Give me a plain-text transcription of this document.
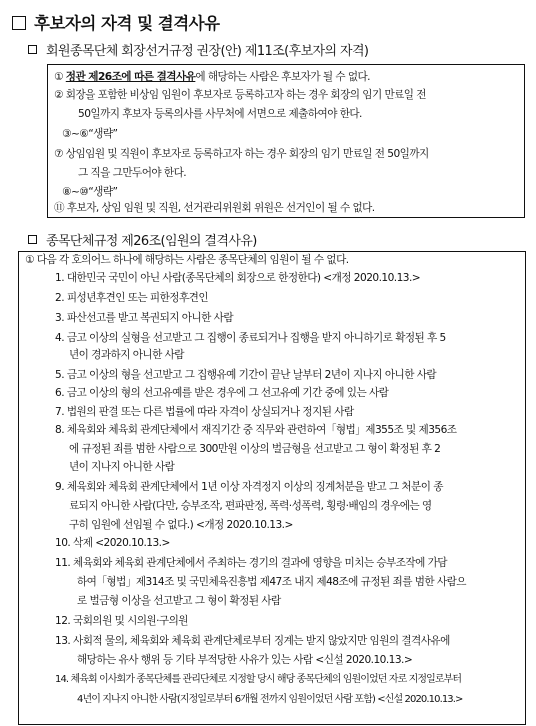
후보자의 자격 및 결격사유
회원종목단체 회장선거규정 권장(안) 제11조(후보자의 자격)
① 정관 제26조에 따른 결격사유에 해당하는 사람은 후보자가 될 수 없다.
② 회장을 포함한 비상임 임원이 후보자로 등록하고자 하는 경우 회장의 임기 만료일 전
50일까지 후보자 등록의사를 사무처에 서면으로 제출하여야 한다.
③~⑥“생략”
⑦ 상임임원 및 직원이 후보자로 등록하고자 하는 경우 회장의 임기 만료일 전 50일까지
그 직을 그만두어야 한다.
⑧~⑩“생략”
⑪ 후보자, 상임 임원 및 직원, 선거관리위원회 위원은 선거인이 될 수 없다.
종목단체규정 제26조(임원의 결격사유)
① 다음 각 호의어느 하나에 해당하는 사람은 종목단체의 임원이 될 수 없다.
1. 대한민국 국민이 아닌 사람(종목단체의 회장으로 한정한다) <개정 2020.10.13.>
2. 피성년후견인 또는 피한정후견인
3. 파산선고를 받고 복권되지 아니한 사람
4. 금고 이상의 실형을 선고받고 그 집행이 종료되거나 집행을 받지 아니하기로 확정된 후 5
년이 경과하지 아니한 사람
5. 금고 이상의 형을 선고받고 그 집행유예 기간이 끝난 날부터 2년이 지나지 아니한 사람
6. 금고 이상의 형의 선고유예를 받은 경우에 그 선고유예 기간 중에 있는 사람
7. 법원의 판결 또는 다른 법률에 따라 자격이 상실되거나 정지된 사람
8. 체육회와 체육회 관계단체에서 재직기간 중 직무와 관련하여「형법」제355조 및 제356조
에 규정된 죄를 범한 사람으로 300만원 이상의 벌금형을 선고받고 그 형이 확정된 후 2
년이 지나지 아니한 사람
9. 체육회와 체육회 관계단체에서 1년 이상 자격정지 이상의 징계처분을 받고 그 처분이 종
료되지 아니한 사람(다만, 승부조작, 편파판정, 폭력·성폭력, 횡령·배임의 경우에는 영
구히 임원에 선임될 수 없다.) <개정 2020.10.13.>
10. 삭제 <2020.10.13.>
11. 체육회와 체육회 관계단체에서 주최하는 경기의 결과에 영향을 미치는 승부조작에 가담
하여「형법」제314조 및 국민체육진흥법 제47조 내지 제48조에 규정된 죄를 범한 사람으
로 벌금형 이상을 선고받고 그 형이 확정된 사람
12. 국회의원 및 시의원·구의원
13. 사회적 물의, 체육회와 체육회 관계단체로부터 징계는 받지 않았지만 임원의 결격사유에
해당하는 유사 행위 등 기타 부적당한 사유가 있는 사람 <신설 2020.10.13.>
14. 체육회 이사회가 종목단체를 관리단체로 지정할 당시 해당 종목단체의 임원이었던 자로 지정일로부터
4년이 지나지 아니한 사람(지정일로부터 6개월 전까지 임원이었던 사람 포함) <신설 2020.10.13.>
